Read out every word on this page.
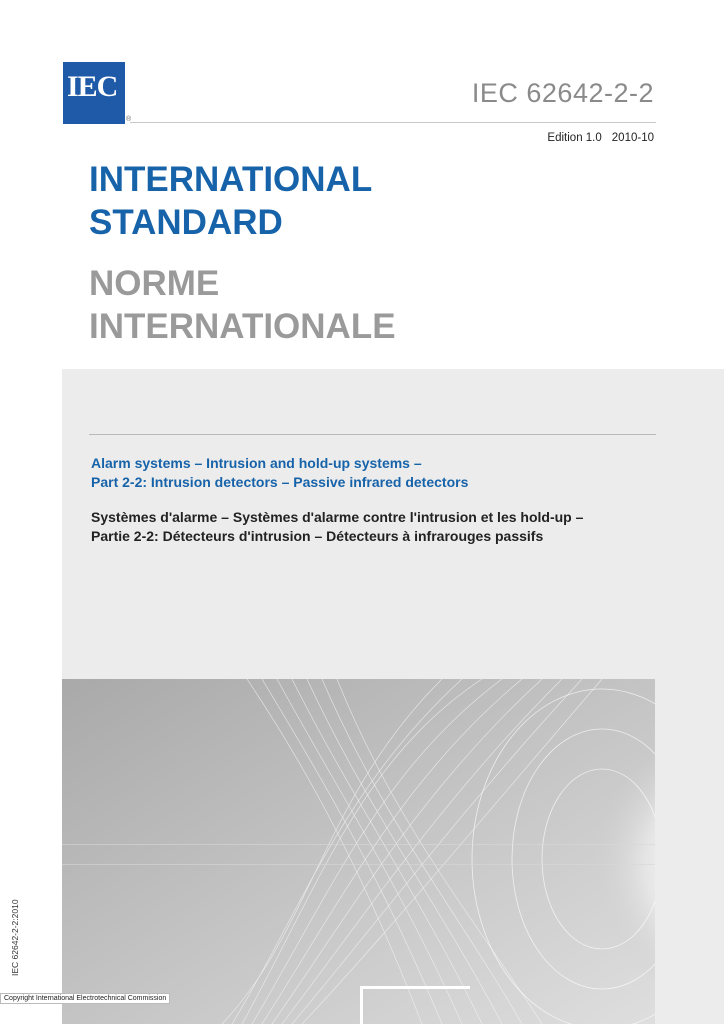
IEC
®
IEC 62642-2-2
Edition 1.0 2010-10
INTERNATIONAL
STANDARD
NORME
INTERNATIONALE
Alarm systems – Intrusion and hold-up systems –
Part 2-2: Intrusion detectors – Passive infrared detectors
Systèmes d'alarme – Systèmes d'alarme contre l'intrusion et les hold-up –
Partie 2-2: Détecteurs d'intrusion – Détecteurs à infrarouges passifs
IEC 62642-2-2:2010
Copyright International Electrotechnical Commission
